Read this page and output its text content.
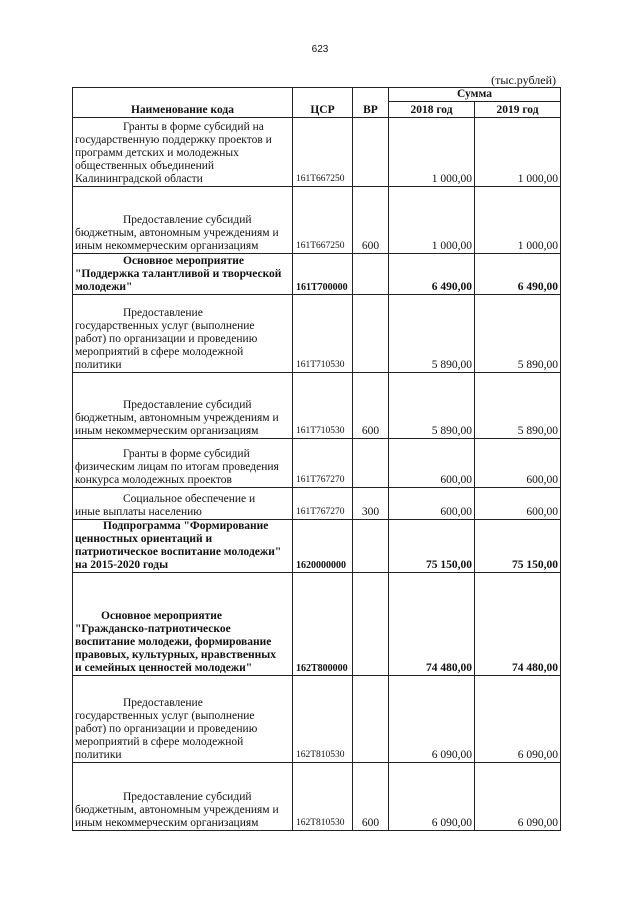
623
(тыс.рублей)
Наименование кода	ЦСР	ВР	Сумма	
			2018 год	2019 год

Гранты в форме субсидий на
государственную поддержку проектов и
программ детских и молодежных
общественных объединений
Калининградской области	161Т667250		1 000,00	1 000,00

Предоставление субсидий
бюджетным, автономным учреждениям и
иным некоммерческим организациям	161Т667250	600	1 000,00	1 000,00

Основное мероприятие
"Поддержка талантливой и творческой
молодежи"	161Т700000		6 490,00	6 490,00

Предоставление
государственных услуг (выполнение
работ) по организации и проведению
мероприятий в сфере молодежной
политики	161Т710530		5 890,00	5 890,00

Предоставление субсидий
бюджетным, автономным учреждениям и
иным некоммерческим организациям	161Т710530	600	5 890,00	5 890,00

Гранты в форме субсидий
физическим лицам по итогам проведения
конкурса молодежных проектов	161Т767270		600,00	600,00

Социальное обеспечение и
иные выплаты населению	161Т767270	300	600,00	600,00

Подпрограмма "Формирование
ценностных ориентаций и
патриотическое воспитание молодежи"
на 2015-2020 годы	1620000000		75 150,00	75 150,00

Основное мероприятие
"Гражданско-патриотическое
воспитание молодежи, формирование
правовых, культурных, нравственных
и семейных ценностей молодежи"	162Т800000		74 480,00	74 480,00

Предоставление
государственных услуг (выполнение
работ) по организации и проведению
мероприятий в сфере молодежной
политики	162Т810530		6 090,00	6 090,00

Предоставление субсидий
бюджетным, автономным учреждениям и
иным некоммерческим организациям	162Т810530	600	6 090,00	6 090,00
